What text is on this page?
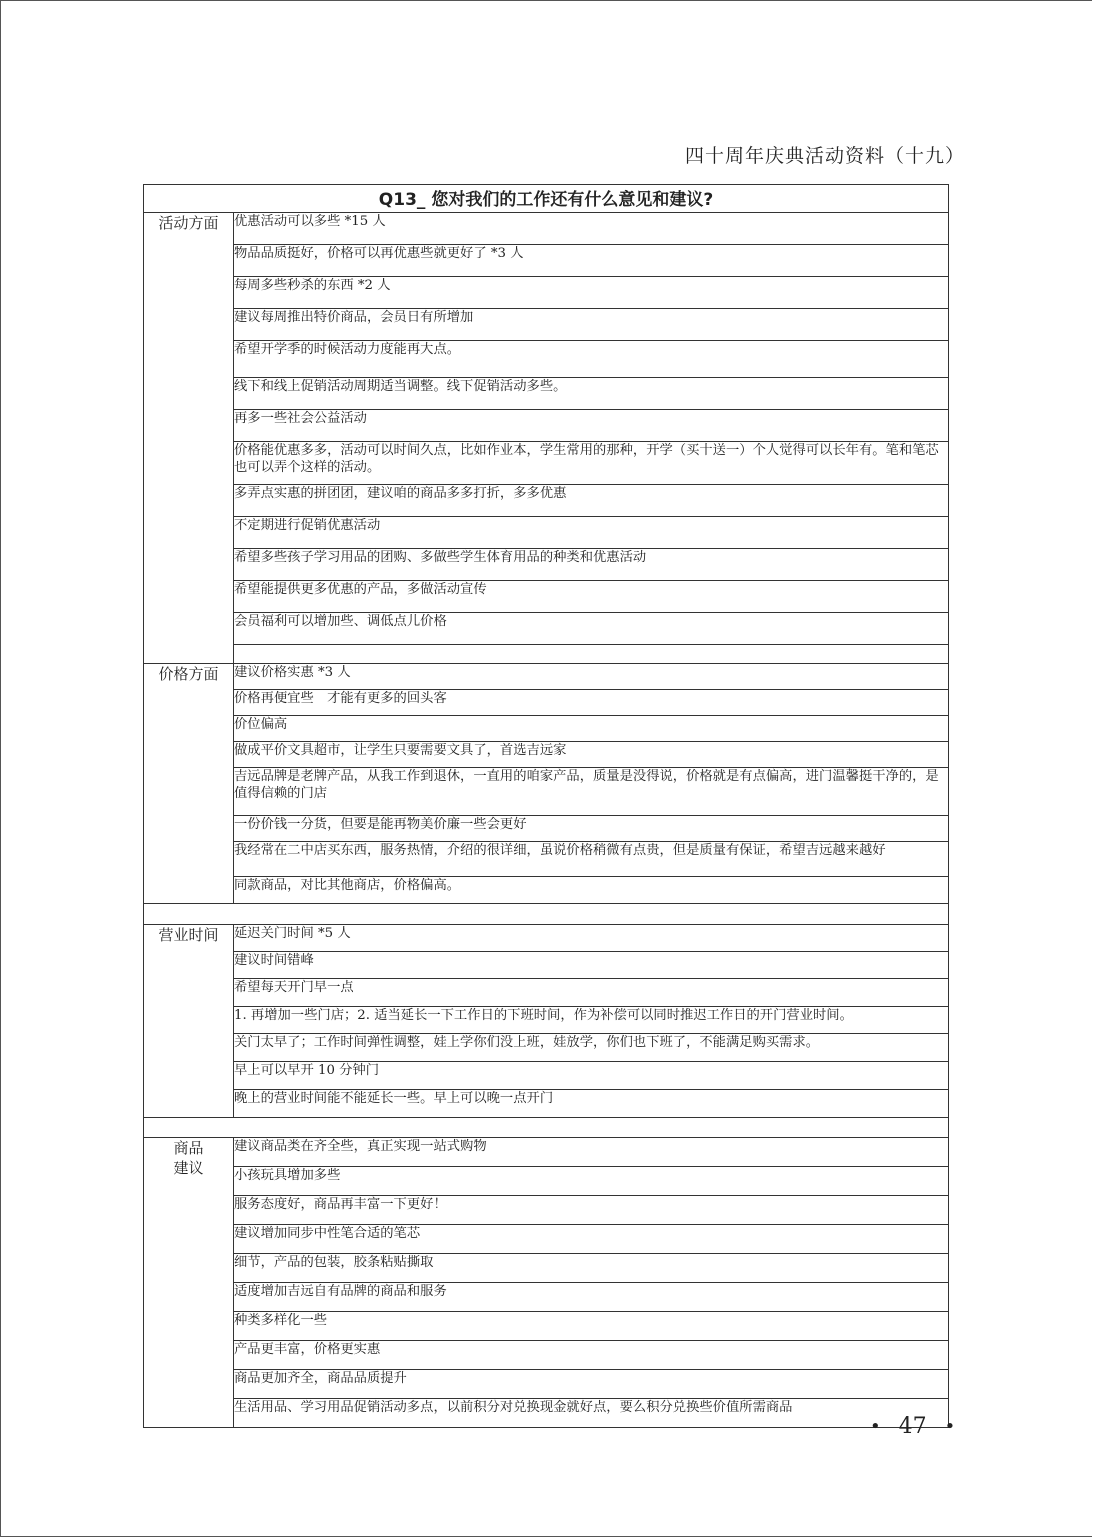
四十周年庆典活动资料（十九）
Q13_ 您对我们的工作还有什么意见和建议?	
活动方面	优惠活动可以多些 *15 人
	物品品质挺好，价格可以再优惠些就更好了 *3 人
	每周多些秒杀的东西 *2 人
	建议每周推出特价商品，会员日有所增加
	希望开学季的时候活动力度能再大点。
	线下和线上促销活动周期适当调整。线下促销活动多些。
	再多一些社会公益活动
	价格能优惠多多，活动可以时间久点，比如作业本，学生常用的那种，开学（买十送一）个人觉得可以长年有。笔和笔芯也可以弄个这样的活动。
	多弄点实惠的拼团团，建议咱的商品多多打折，多多优惠
	不定期进行促销优惠活动
	希望多些孩子学习用品的团购、多做些学生体育用品的种类和优惠活动
	希望能提供更多优惠的产品，多做活动宣传
	会员福利可以增加些、调低点儿价格

价格方面	建议价格实惠 *3 人
	价格再便宜些　才能有更多的回头客
	价位偏高
	做成平价文具超市，让学生只要需要文具了，首选吉远家
	吉远品牌是老牌产品，从我工作到退休，一直用的咱家产品，质量是没得说，价格就是有点偏高，进门温馨挺干净的，是值得信赖的门店
	一份价钱一分货，但要是能再物美价廉一些会更好
	我经常在二中店买东西，服务热情，介绍的很详细，虽说价格稍微有点贵，但是质量有保证，希望吉远越来越好
	同款商品，对比其他商店，价格偏高。

营业时间	延迟关门时间 *5 人
	建议时间错峰
	希望每天开门早一点
	1. 再增加一些门店；2. 适当延长一下工作日的下班时间，作为补偿可以同时推迟工作日的开门营业时间。
	关门太早了；工作时间弹性调整，娃上学你们没上班，娃放学，你们也下班了，不能满足购买需求。
	早上可以早开 10 分钟门
	晚上的营业时间能不能延长一些。早上可以晚一点开门

商品
建议	建议商品类在齐全些，真正实现一站式购物
	小孩玩具增加多些
	服务态度好，商品再丰富一下更好！
	建议增加同步中性笔合适的笔芯
	细节，产品的包装，胶条粘贴撕取
	适度增加吉远自有品牌的商品和服务
	种类多样化一些
	产品更丰富，价格更实惠
	商品更加齐全，商品品质提升
	生活用品、学习用品促销活动多点，以前积分对兑换现金就好点，要么积分兑换些价值所需商品
• 47 •
